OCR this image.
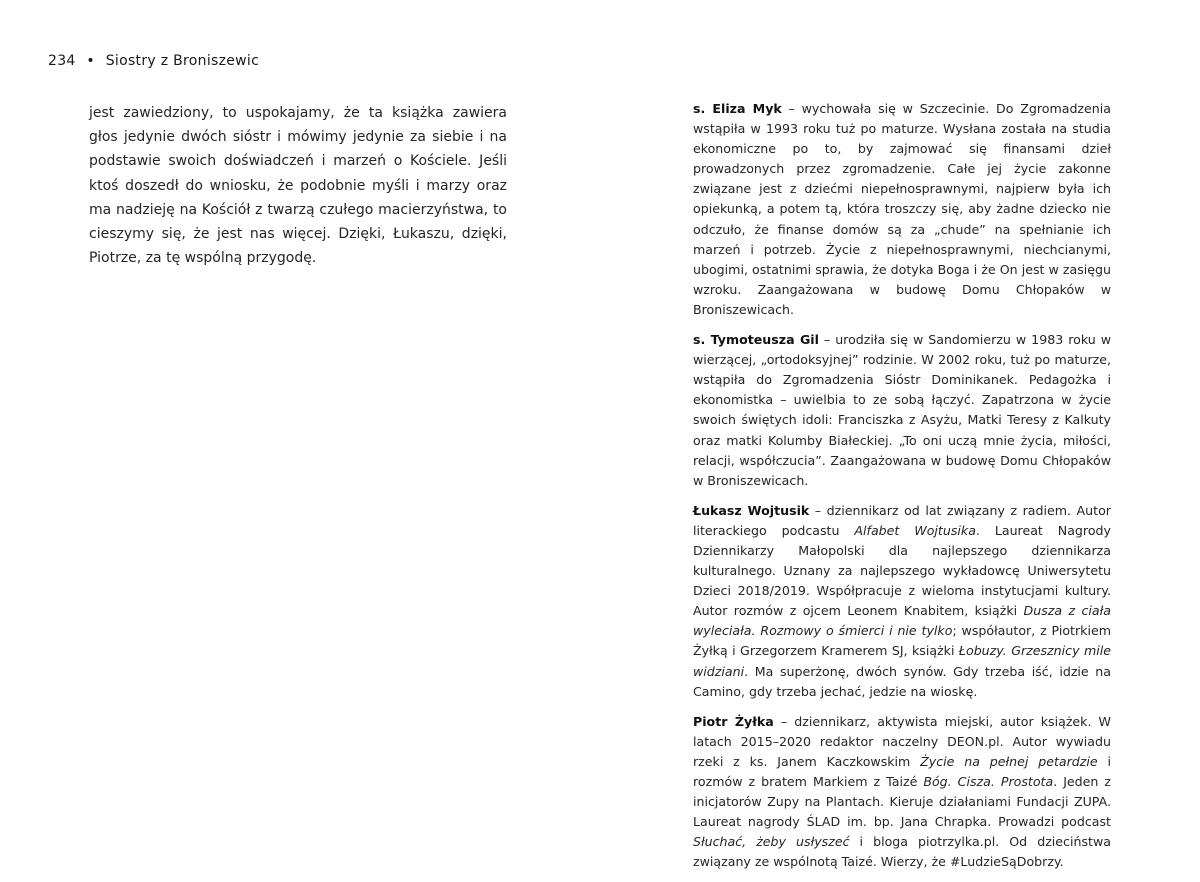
234 • Siostry z Broniszewic

jest zawiedziony, to uspokajamy, że ta książka zawiera głos jedynie dwóch sióstr i mówimy jedynie za siebie i na podstawie swoich doświadczeń i marzeń o Kościele. Jeśli ktoś doszedł do wniosku, że podobnie myśli i marzy oraz ma nadzieję na Kościół z twarzą czułego macierzyństwa, to cieszymy się, że jest nas więcej. Dzięki, Łukaszu, dzięki, Piotrze, za tę wspólną przygodę.

s. Eliza Myk – wychowała się w Szczecinie. Do Zgromadzenia wstąpiła w 1993 roku tuż po maturze. Wysłana została na studia ekonomiczne po to, by zajmować się finansami dzieł prowadzonych przez zgromadzenie. Całe jej życie zakonne związane jest z dziećmi niepełnosprawnymi, najpierw była ich opiekunką, a potem tą, która troszczy się, aby żadne dziecko nie odczuło, że finanse domów są za „chude” na spełnianie ich marzeń i potrzeb. Życie z niepełnosprawnymi, niechcianymi, ubogimi, ostatnimi sprawia, że dotyka Boga i że On jest w zasięgu wzroku. Zaangażowana w budowę Domu Chłopaków w Broniszewicach.

s. Tymoteusza Gil – urodziła się w Sandomierzu w 1983 roku w wierzącej, „ortodoksyjnej” rodzinie. W 2002 roku, tuż po maturze, wstąpiła do Zgromadzenia Sióstr Dominikanek. Pedagożka i ekonomistka – uwielbia to ze sobą łączyć. Zapatrzona w życie swoich świętych idoli: Franciszka z Asyżu, Matki Teresy z Kalkuty oraz matki Kolumby Białeckiej. „To oni uczą mnie życia, miłości, relacji, współczucia”. Zaangażowana w budowę Domu Chłopaków w Broniszewicach.

Łukasz Wojtusik – dziennikarz od lat związany z radiem. Autor literackiego podcastu Alfabet Wojtusika. Laureat Nagrody Dziennikarzy Małopolski dla najlepszego dziennikarza kulturalnego. Uznany za najlepszego wykładowcę Uniwersytetu Dzieci 2018/2019. Współpracuje z wieloma instytucjami kultury. Autor rozmów z ojcem Leonem Knabitem, książki Dusza z ciała wyleciała. Rozmowy o śmierci i nie tylko; współautor, z Piotrkiem Żyłką i Grzegorzem Kramerem SJ, książki Łobuzy. Grzesznicy mile widziani. Ma superżonę, dwóch synów. Gdy trzeba iść, idzie na Camino, gdy trzeba jechać, jedzie na wioskę.

Piotr Żyłka – dziennikarz, aktywista miejski, autor książek. W latach 2015–2020 redaktor naczelny DEON.pl. Autor wywiadu rzeki z ks. Janem Kaczkowskim Życie na pełnej petardzie i rozmów z bratem Markiem z Taizé Bóg. Cisza. Prostota. Jeden z inicjatorów Zupy na Plantach. Kieruje działaniami Fundacji ZUPA. Laureat nagrody ŚLAD im. bp. Jana Chrapka. Prowadzi podcast Słuchać, żeby usłyszeć i bloga piotrzylka.pl. Od dzieciństwa związany ze wspólnotą Taizé. Wierzy, że #LudzieSąDobrzy.
